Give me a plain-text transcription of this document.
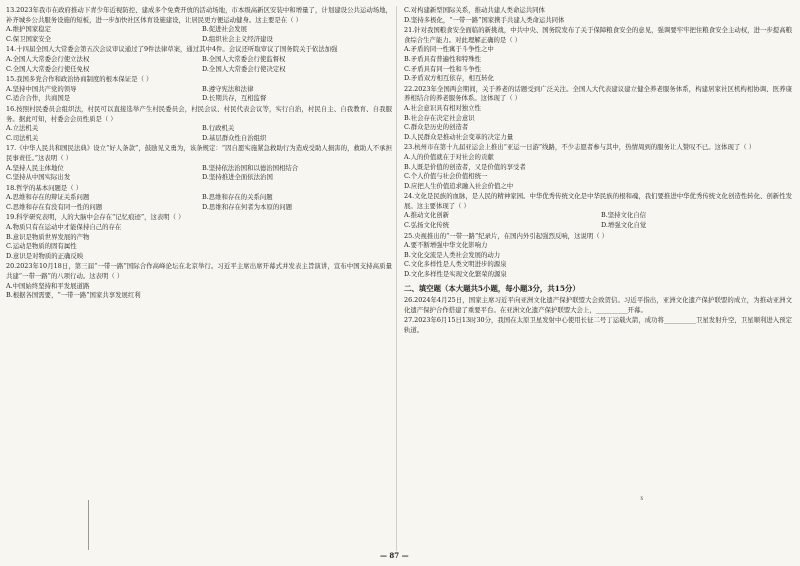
13.2023年我市在政府推动下青少年近视防控、建成多个免费开放的活动场地，市本级高新区安装中和增量了，计划建设公共运动场地，补齐城乡公共服务设施的短板，进一步加快社区体育设施建设，让居民更方便运动健身。这主要是在（ ）
A.维护国家稳定	B.促进社会发展
C.保卫国家安全	D.组织社会主义经济建设
14.十四届全国人大常委会第五次会议审议通过了9件法律草案，通过其中4件。会议还听取审议了国务院关于依法加强
A.全国人大常委会行使立法权	B.全国人大常委会行使监督权
C.全国人大常委会行使任免权	D.全国人大常委会行使决定权
15.我国多党合作和政治协商制度的根本保证是（ ）
A.坚持中国共产党的领导	B.遵守宪法和法律
C.适合合作，共商国是	D.长期共存，互相监督
16.按照村民委员会组织法，村民可以直接选举产生村民委员会，村民会议、村民代表会议等，实行自治，村民自主、自我教育、自我服务。据此可知，村委会会员性质是（ ）
A.立法机关	B.行政机关
C.司法机关	D.基层群众性自治组织
17.《中华人民共和国民法典》设立“好人条款”，鼓励见义勇为，该条规定：“因自愿实施紧急救助行为造成受助人损害的，救助人不承担民事责任。”这表明（ ）
A.坚持人民主体地位	B.坚持依法治国和以德治国相结合
C.坚持从中国实际出发	D.坚持推进全面依法治国
18.哲学的基本问题是（ ）
A.思维和存在的辩证关系问题	B.思维和存在的关系问题
C.思维和存在有没有同一性的问题	D.思维和存在何者为本原的问题
19.科学研究表明，人的大脑中会存在“记忆痕迹”，这表明（ ）
A.物质只有在运动中才能保持自己的存在
B.意识是物质世界发展的产物
C.运动是物质的固有属性
D.意识是对物质的正确反映
20.2023年10月18日，第三届“一带一路”国际合作高峰论坛在北京举行。习近平主席出席开幕式并发表主旨演讲，宣布中国支持高质量共建“一带一路”的八项行动。这表明（ ）
A.中国始终坚持和平发展道路
B.根据各国需要，“一带一路”国家共享发展红利
C.对构建新型国际关系，推动共建人类命运共同体
D.坚持多极化，“一带一路”国家携手共建人类命运共同体
21.针对我国粮食安全面临的新挑战，中共中央、国务院发布了关于保障粮食安全的意见，强调要牢牢把住粮食安全主动权，进一步提高粮食综合生产能力。对此理解正确的是（ ）
A.矛盾的同一性寓于斗争性之中
B.矛盾具有普遍性和特殊性
C.矛盾具有同一性和斗争性
D.矛盾双方相互依存，相互转化
22.2023年全国两会期间，关于养老的话题受到广泛关注。全国人大代表建议建立健全养老服务体系，构建居家社区机构相协调、医养康养相结合的养老服务体系。这体现了（ ）
A.社会意识具有相对独立性
B.社会存在决定社会意识
C.群众是历史的创造者
D.人民群众是推动社会变革的决定力量
23.杭州市在第十九届亚运会上推出“亚运一日游”线路，不少志愿者参与其中，热情周到的服务让人赞叹不已。这体现了（ ）
A.人的价值就在于对社会的贡献
B.人既是价值的创造者，又是价值的享受者
C.个人价值与社会价值相统一
D.应把人生价值追求融入社会价值之中
24.文化是民族的血脉，是人民的精神家园。中华优秀传统文化是中华民族的根和魂，我们要推进中华优秀传统文化创造性转化、创新性发展。这主要体现了（ ）
A.推动文化创新	B.坚持文化自信
C.弘扬文化传统	D.增强文化自觉
25.央视推出的“一带一路”纪录片，在国内外引起强烈反响，这说明（ ）
A.要不断增强中华文化影响力
B.文化交流是人类社会发展的动力
C.文化多样性是人类文明进步的源泉
D.文化多样性是实现文化繁荣的源泉
二、填空题（本大题共5小题，每小题3分，共15分）
26.2024年4月25日，国家主席习近平向亚洲文化遗产保护联盟大会致贺信。习近平指出，亚洲文化遗产保护联盟的成立，为推动亚洲文化遗产保护合作搭建了重要平台。在亚洲文化遗产保护联盟大会上，__________开幕。
27.2023年6月15日13时30分，我国在太原卫星发射中心使用长征二号丁运载火箭，成功将__________卫星发射升空，卫星顺利进入预定轨道。
ɤ
— 87 —
